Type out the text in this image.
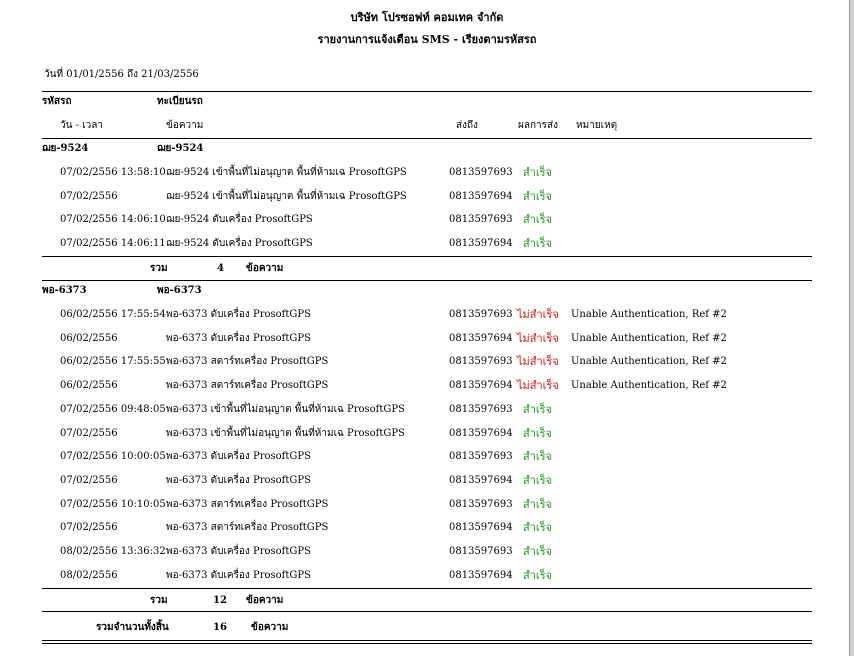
บริษัท โปรซอฟท์ คอมเทค จำกัด
รายงานการแจ้งเตือน SMS - เรียงตามรหัสรถ
วันที่ 01/01/2556 ถึง 21/03/2556
รหัสรถ	ทะเบียนรถ
วัน - เวลา	ข้อความ	ส่งถึง	ผลการส่ง หมายเหตุ
ฌย-9524	ฌย-9524
07/02/2556 13:58:10 ฌย-9524 เข้าพื้นที่ไม่อนุญาต พื้นที่ห้ามเฉ ProsoftGPS	0813597693 สำเร็จ
07/02/2556	ฌย-9524 เข้าพื้นที่ไม่อนุญาต พื้นที่ห้ามเฉ ProsoftGPS	0813597694 สำเร็จ
07/02/2556 14:06:10 ฌย-9524 ดับเครื่อง ProsoftGPS	0813597693 สำเร็จ
07/02/2556 14:06:11 ฌย-9524 ดับเครื่อง ProsoftGPS	0813597694 สำเร็จ
รวม	4 ข้อความ
พอ-6373	พอ-6373
06/02/2556 17:55:54 พอ-6373 ดับเครื่อง ProsoftGPS	0813597693 ไม่สำเร็จ Unable Authentication, Ref #2
06/02/2556	พอ-6373 ดับเครื่อง ProsoftGPS	0813597694 ไม่สำเร็จ Unable Authentication, Ref #2
06/02/2556 17:55:55 พอ-6373 สตาร์ทเครื่อง ProsoftGPS	0813597693 ไม่สำเร็จ Unable Authentication, Ref #2
06/02/2556	พอ-6373 สตาร์ทเครื่อง ProsoftGPS	0813597694 ไม่สำเร็จ Unable Authentication, Ref #2
07/02/2556 09:48:05 พอ-6373 เข้าพื้นที่ไม่อนุญาต พื้นที่ห้ามเฉ ProsoftGPS	0813597693 สำเร็จ
07/02/2556	พอ-6373 เข้าพื้นที่ไม่อนุญาต พื้นที่ห้ามเฉ ProsoftGPS	0813597694 สำเร็จ
07/02/2556 10:00:05 พอ-6373 ดับเครื่อง ProsoftGPS	0813597693 สำเร็จ
07/02/2556	พอ-6373 ดับเครื่อง ProsoftGPS	0813597694 สำเร็จ
07/02/2556 10:10:05 พอ-6373 สตาร์ทเครื่อง ProsoftGPS	0813597693 สำเร็จ
07/02/2556	พอ-6373 สตาร์ทเครื่อง ProsoftGPS	0813597694 สำเร็จ
08/02/2556 13:36:32 พอ-6373 ดับเครื่อง ProsoftGPS	0813597693 สำเร็จ
08/02/2556	พอ-6373 ดับเครื่อง ProsoftGPS	0813597694 สำเร็จ
รวม	12 ข้อความ
รวมจำนวนทั้งสิ้น	16 ข้อความ
